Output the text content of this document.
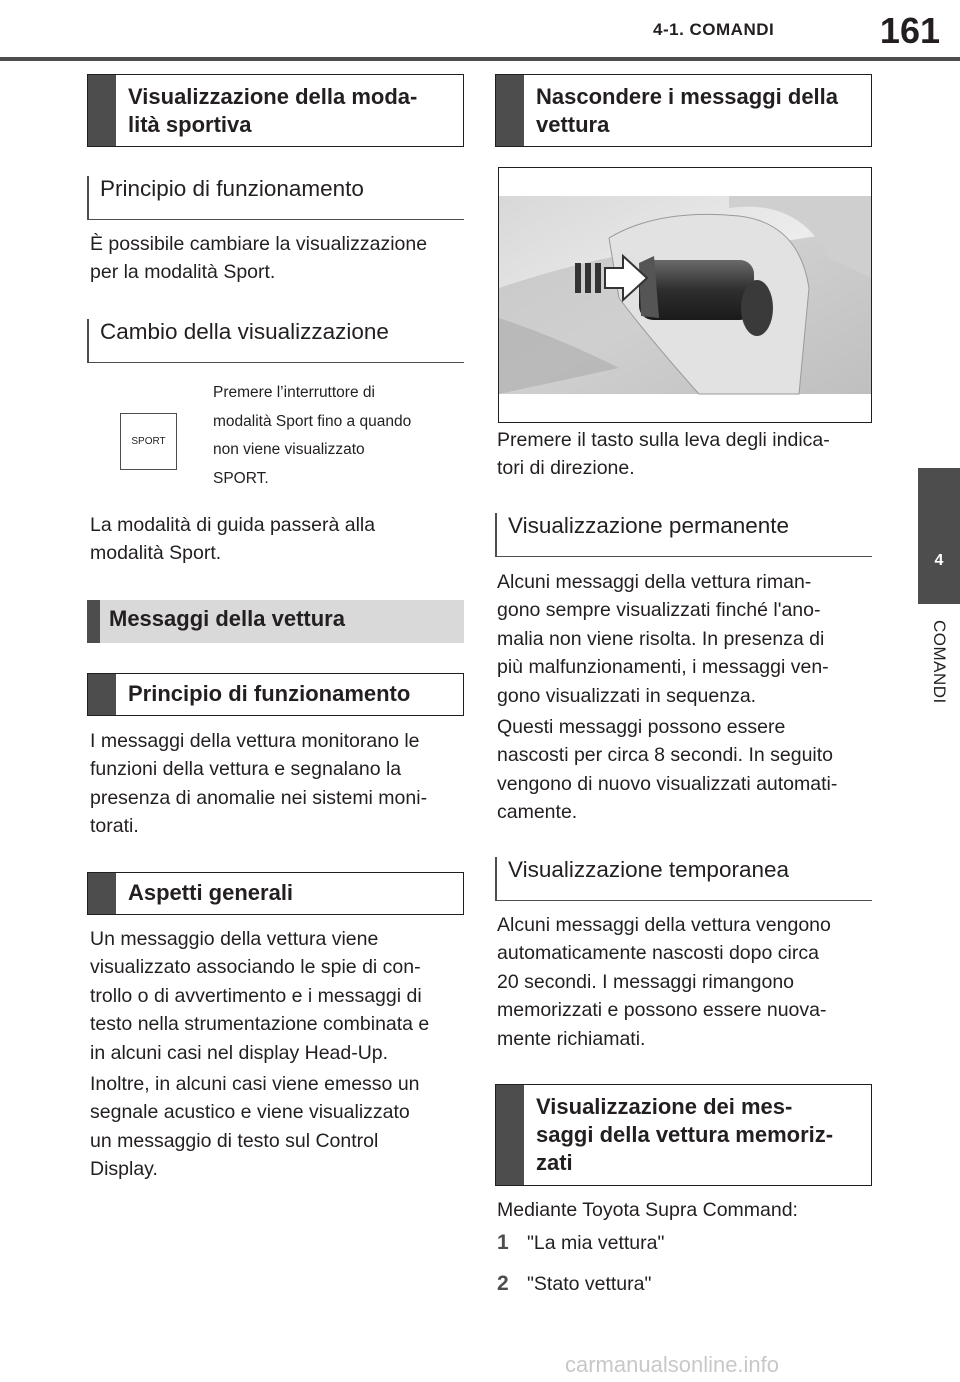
4-1. COMANDI	161
4
COMANDI
Visualizzazione della moda-
lità sportiva
Principio di funzionamento

È possibile cambiare la visualizzazione
per la modalità Sport.

Cambio della visualizzazione
SPORT

Premere l’interruttore di
modalità Sport fino a quando
non viene visualizzato
SPORT.

La modalità di guida passerà alla
modalità Sport.

Messaggi della vettura
Principio di funzionamento

I messaggi della vettura monitorano le
funzioni della vettura e segnalano la
presenza di anomalie nei sistemi moni-
torati.

Aspetti generali

Un messaggio della vettura viene
visualizzato associando le spie di con-
trollo o di avvertimento e i messaggi di
testo nella strumentazione combinata e
in alcuni casi nel display Head-Up.

Inoltre, in alcuni casi viene emesso un
segnale acustico e viene visualizzato
un messaggio di testo sul Control
Display.

Nascondere i messaggi della
vettura

Premere il tasto sulla leva degli indica-
tori di direzione.

Visualizzazione permanente

Alcuni messaggi della vettura riman-
gono sempre visualizzati finché l'ano-
malia non viene risolta. In presenza di
più malfunzionamenti, i messaggi ven-
gono visualizzati in sequenza.

Questi messaggi possono essere
nascosti per circa 8 secondi. In seguito
vengono di nuovo visualizzati automati-
camente.

Visualizzazione temporanea

Alcuni messaggi della vettura vengono
automaticamente nascosti dopo circa
20 secondi. I messaggi rimangono
memorizzati e possono essere nuova-
mente richiamati.

Visualizzazione dei mes-
saggi della vettura memoriz-
zati

Mediante Toyota Supra Command:

1 "La mia vettura"
2 "Stato vettura"
carmanualsonline.info
